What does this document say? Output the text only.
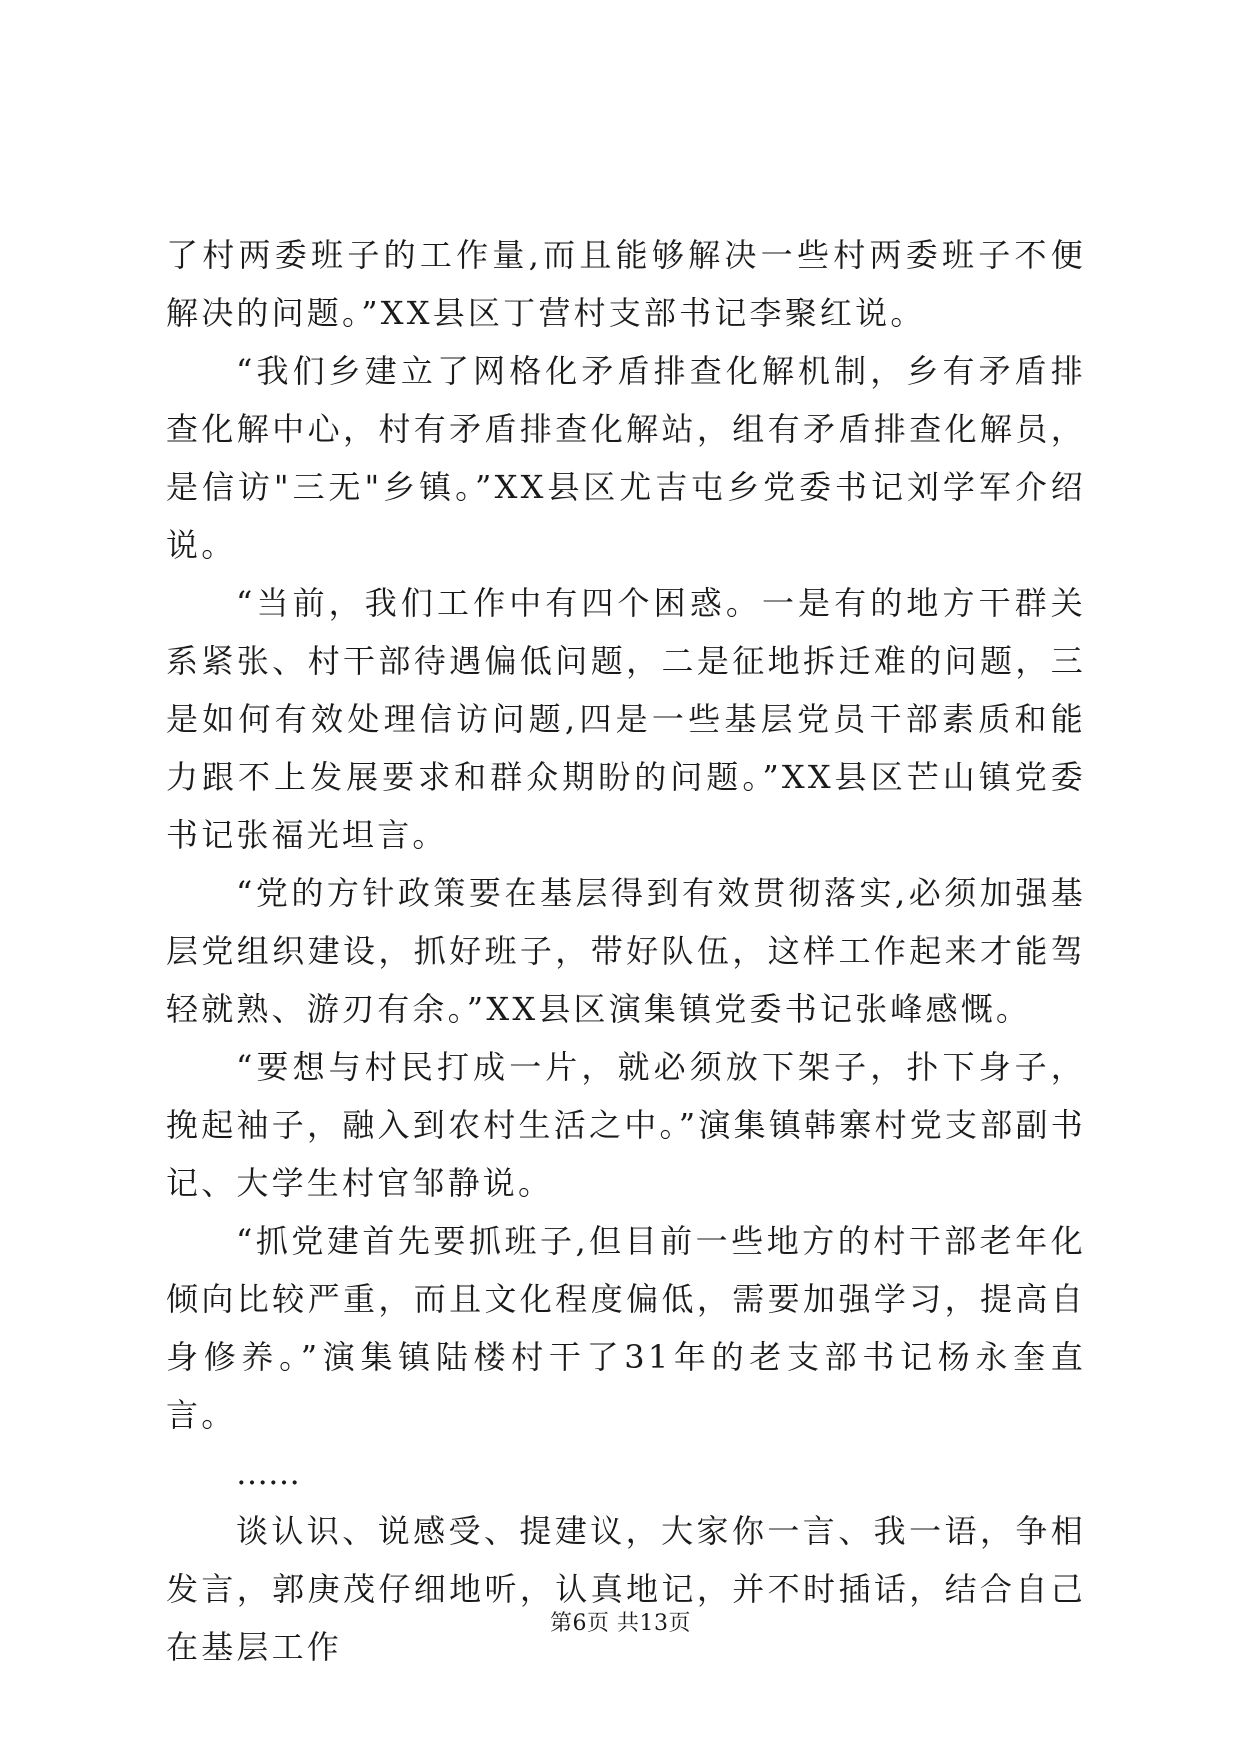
了村两委班子的工作量,而且能够解决一些村两委班子不便解决的问题。”XX县区丁营村支部书记李聚红说。

“我们乡建立了网格化矛盾排查化解机制，乡有矛盾排查化解中心，村有矛盾排查化解站，组有矛盾排查化解员，是信访"三无"乡镇。”XX县区尤吉屯乡党委书记刘学军介绍说。

“当前，我们工作中有四个困惑。一是有的地方干群关系紧张、村干部待遇偏低问题，二是征地拆迁难的问题，三是如何有效处理信访问题,四是一些基层党员干部素质和能力跟不上发展要求和群众期盼的问题。”XX县区芒山镇党委书记张福光坦言。

“党的方针政策要在基层得到有效贯彻落实,必须加强基层党组织建设，抓好班子，带好队伍，这样工作起来才能驾轻就熟、游刃有余。”XX县区演集镇党委书记张峰感慨。

“要想与村民打成一片，就必须放下架子，扑下身子，挽起袖子，融入到农村生活之中。”演集镇韩寨村党支部副书记、大学生村官邹静说。

“抓党建首先要抓班子,但目前一些地方的村干部老年化倾向比较严重，而且文化程度偏低，需要加强学习，提高自身修养。”演集镇陆楼村干了31年的老支部书记杨永奎直言。

……

谈认识、说感受、提建议，大家你一言、我一语，争相发言，郭庚茂仔细地听，认真地记，并不时插话，结合自己在基层工作

第6页 共13页
